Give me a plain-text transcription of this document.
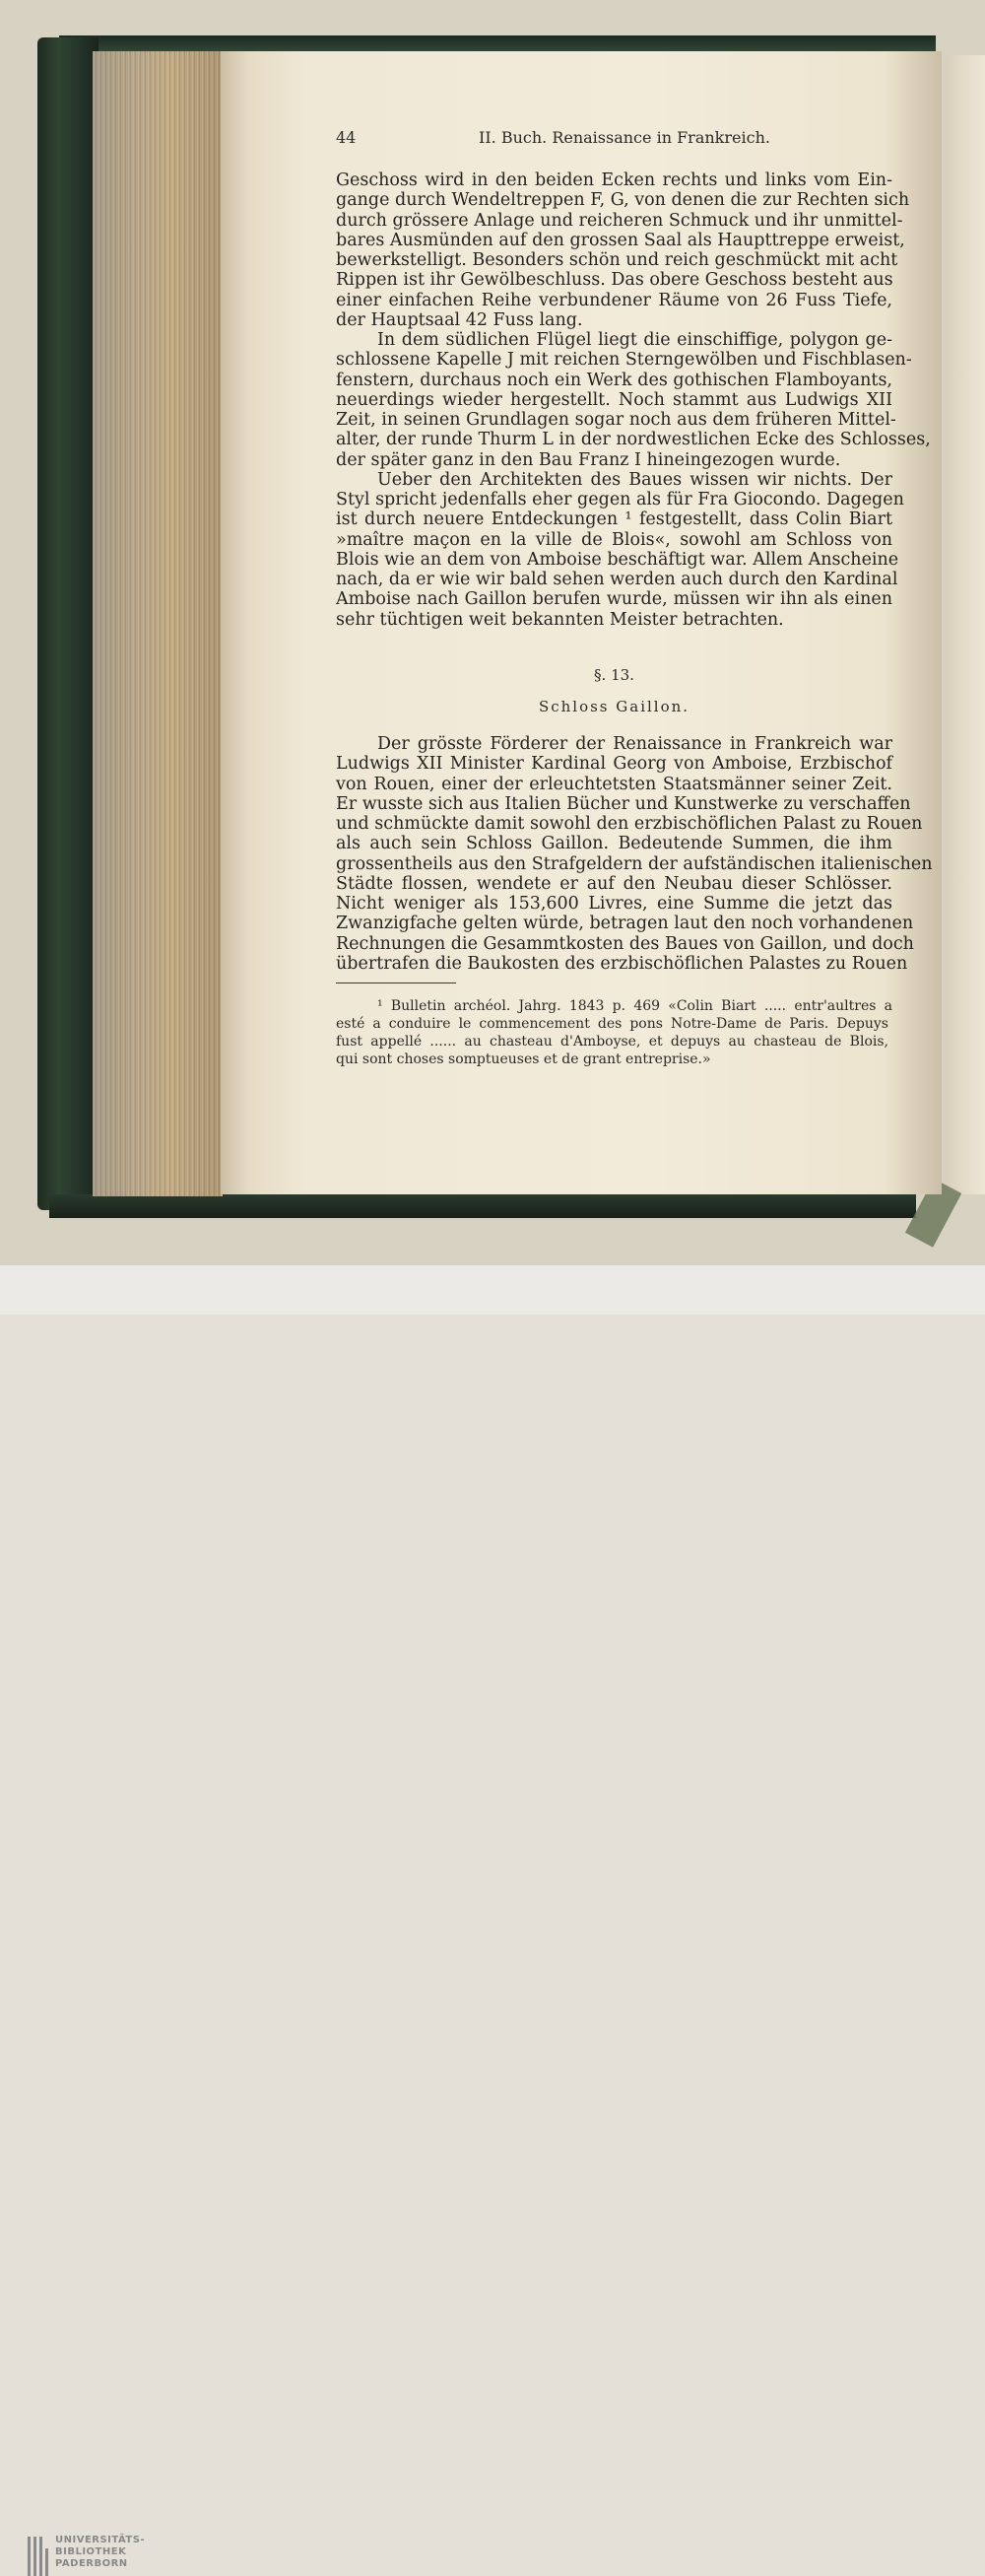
44	II. Buch. Renaissance in Frankreich.
Geschoss wird in den beiden Ecken rechts und links vom Ein-
gange durch Wendeltreppen F, G, von denen die zur Rechten sich
durch grössere Anlage und reicheren Schmuck und ihr unmittel-
bares Ausmünden auf den grossen Saal als Haupttreppe erweist,
bewerkstelligt. Besonders schön und reich geschmückt mit acht
Rippen ist ihr Gewölbeschluss. Das obere Geschoss besteht aus
einer einfachen Reihe verbundener Räume von 26 Fuss Tiefe,
der Hauptsaal 42 Fuss lang.
In dem südlichen Flügel liegt die einschiffige, polygon ge-
schlossene Kapelle J mit reichen Sterngewölben und Fischblasen-
fenstern, durchaus noch ein Werk des gothischen Flamboyants,
neuerdings wieder hergestellt. Noch stammt aus Ludwigs XII
Zeit, in seinen Grundlagen sogar noch aus dem früheren Mittel-
alter, der runde Thurm L in der nordwestlichen Ecke des Schlosses,
der später ganz in den Bau Franz I hineingezogen wurde.
Ueber den Architekten des Baues wissen wir nichts. Der
Styl spricht jedenfalls eher gegen als für Fra Giocondo. Dagegen
ist durch neuere Entdeckungen ¹ festgestellt, dass Colin Biart
»maître maçon en la ville de Blois«, sowohl am Schloss von
Blois wie an dem von Amboise beschäftigt war. Allem Anscheine
nach, da er wie wir bald sehen werden auch durch den Kardinal
Amboise nach Gaillon berufen wurde, müssen wir ihn als einen
sehr tüchtigen weit bekannten Meister betrachten.
§. 13.
Schloss Gaillon.
Der grösste Förderer der Renaissance in Frankreich war
Ludwigs XII Minister Kardinal Georg von Amboise, Erzbischof
von Rouen, einer der erleuchtetsten Staatsmänner seiner Zeit.
Er wusste sich aus Italien Bücher und Kunstwerke zu verschaffen
und schmückte damit sowohl den erzbischöflichen Palast zu Rouen
als auch sein Schloss Gaillon. Bedeutende Summen, die ihm
grossentheils aus den Strafgeldern der aufständischen italienischen
Städte flossen, wendete er auf den Neubau dieser Schlösser.
Nicht weniger als 153,600 Livres, eine Summe die jetzt das
Zwanzigfache gelten würde, betragen laut den noch vorhandenen
Rechnungen die Gesammtkosten des Baues von Gaillon, und doch
übertrafen die Baukosten des erzbischöflichen Palastes zu Rouen
¹ Bulletin archéol. Jahrg. 1843 p. 469 «Colin Biart ..... entr'aultres a
esté a conduire le commencement des pons Notre-Dame de Paris. Depuys
fust appellé ...... au chasteau d'Amboyse, et depuys au chasteau de Blois,
qui sont choses somptueuses et de grant entreprise.»
UNIVERSITÄTS-
BIBLIOTHEK
PADERBORN
